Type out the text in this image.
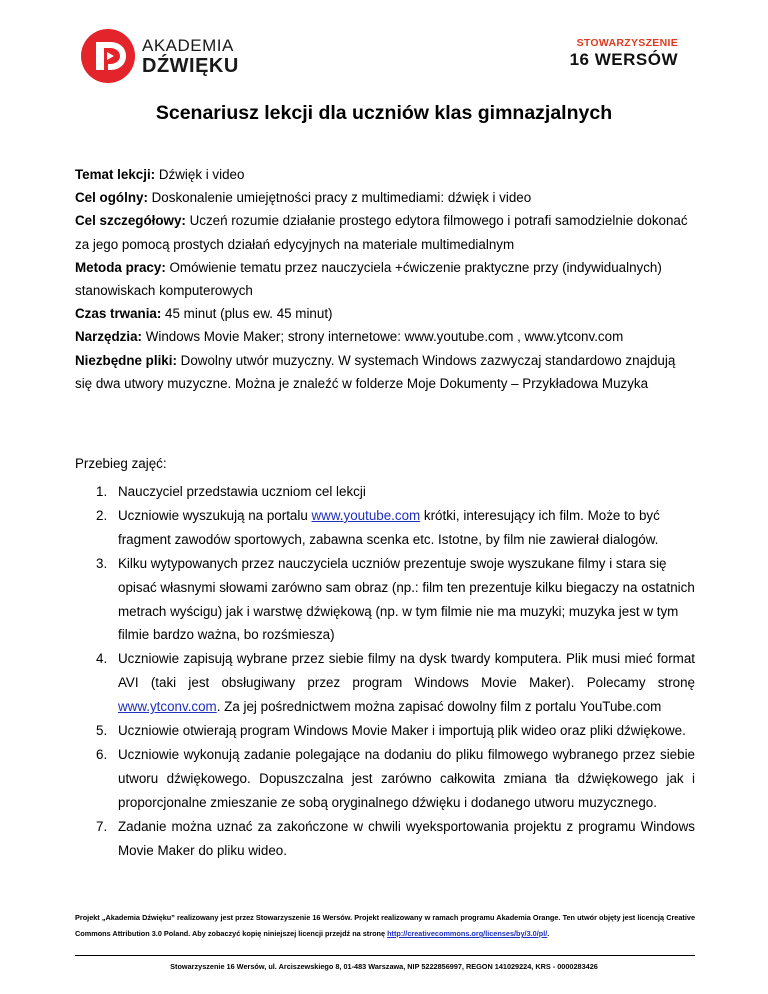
AKADEMIA
DŹWIĘKU
STOWARZYSZENIE
16 WERSÓW
Scenariusz lekcji dla uczniów klas gimnazjalnych

Temat lekcji: Dźwięk i video

Cel ogólny: Doskonalenie umiejętności pracy z multimediami: dźwięk i video

Cel szczegółowy: Uczeń rozumie działanie prostego edytora filmowego i potrafi samodzielnie dokonać za jego pomocą prostych działań edycyjnych na materiale multimedialnym

Metoda pracy: Omówienie tematu przez nauczyciela +ćwiczenie praktyczne przy (indywidualnych) stanowiskach komputerowych

Czas trwania: 45 minut (plus ew. 45 minut)

Narzędzia: Windows Movie Maker; strony internetowe: www.youtube.com , www.ytconv.com

Niezbędne pliki: Dowolny utwór muzyczny. W systemach Windows zazwyczaj standardowo znajdują się dwa utwory muzyczne. Można je znaleźć w folderze Moje Dokumenty – Przykładowa Muzyka

Przebieg zajęć:
1. Nauczyciel przedstawia uczniom cel lekcji
2. Uczniowie wyszukują na portalu www.youtube.com krótki, interesujący ich film. Może to być fragment zawodów sportowych, zabawna scenka etc. Istotne, by film nie zawierał dialogów.
3. Kilku wytypowanych przez nauczyciela uczniów prezentuje swoje wyszukane filmy i stara się opisać własnymi słowami zarówno sam obraz (np.: film ten prezentuje kilku biegaczy na ostatnich metrach wyścigu) jak i warstwę dźwiękową (np. w tym filmie nie ma muzyki; muzyka jest w tym filmie bardzo ważna, bo rozśmiesza)
4. Uczniowie zapisują wybrane przez siebie filmy na dysk twardy komputera. Plik musi mieć format AVI (taki jest obsługiwany przez program Windows Movie Maker). Polecamy stronę www.ytconv.com. Za jej pośrednictwem można zapisać dowolny film z portalu YouTube.com
5. Uczniowie otwierają program Windows Movie Maker i importują plik wideo oraz pliki dźwiękowe.
6. Uczniowie wykonują zadanie polegające na dodaniu do pliku filmowego wybranego przez siebie utworu dźwiękowego. Dopuszczalna jest zarówno całkowita zmiana tła dźwiękowego jak i proporcjonalne zmieszanie ze sobą oryginalnego dźwięku i dodanego utworu muzycznego.
7. Zadanie można uznać za zakończone w chwili wyeksportowania projektu z programu Windows Movie Maker do pliku wideo.
Projekt „Akademia Dźwięku” realizowany jest przez Stowarzyszenie 16 Wersów. Projekt realizowany w ramach programu Akademia Orange. Ten utwór objęty jest licencją Creative Commons Attribution 3.0 Poland. Aby zobaczyć kopię niniejszej licencji przejdź na stronę http://creativecommons.org/licenses/by/3.0/pl/.
Stowarzyszenie 16 Wersów, ul. Arciszewskiego 8, 01-483 Warszawa, NIP 5222856997, REGON 141029224, KRS - 0000283426
